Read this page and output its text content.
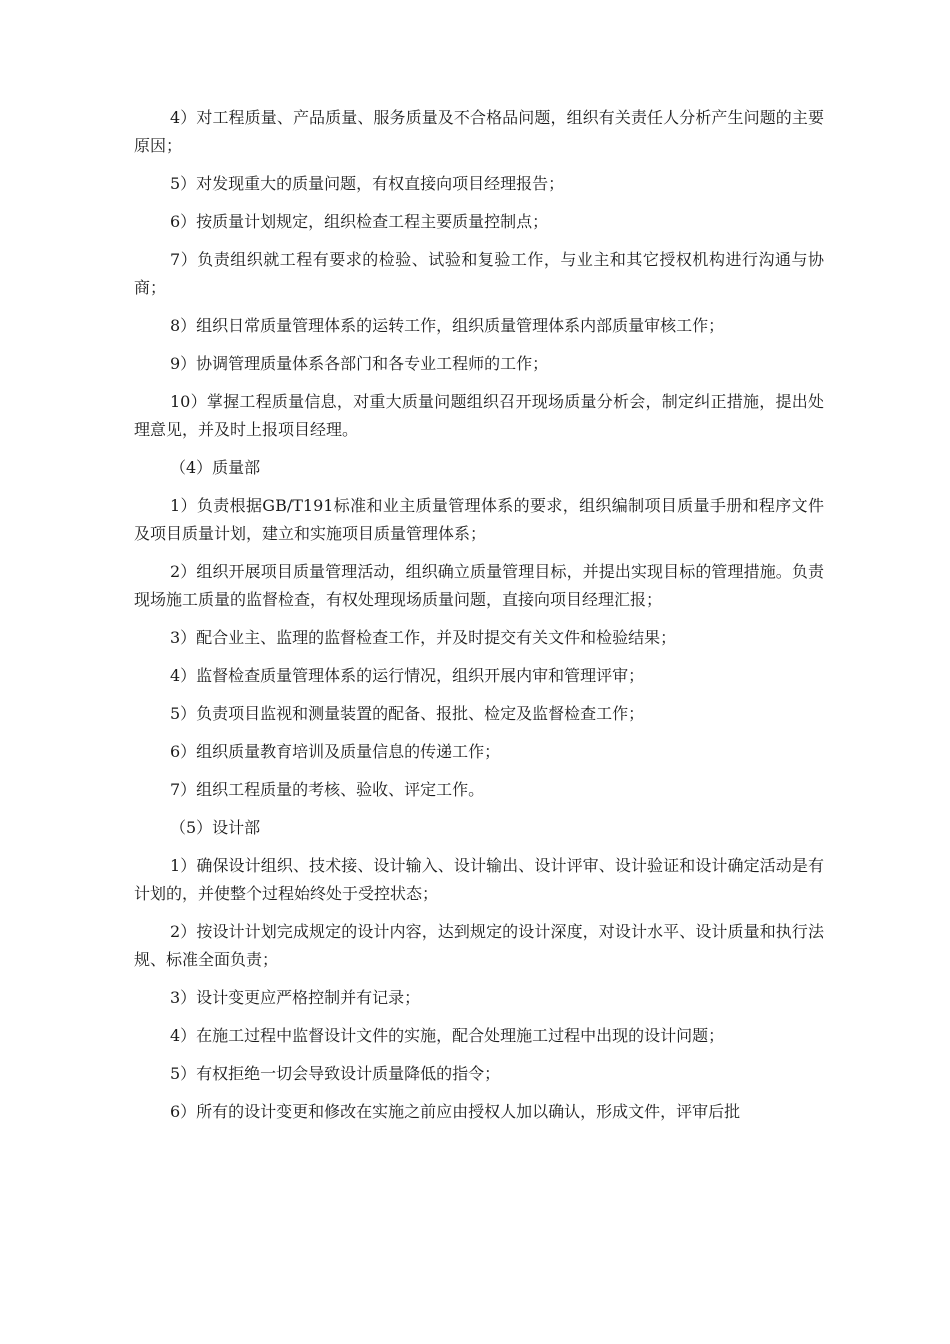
4）对工程质量、产品质量、服务质量及不合格品问题，组织有关责任人分析产生问题的主要原因；

5）对发现重大的质量问题，有权直接向项目经理报告；

6）按质量计划规定，组织检查工程主要质量控制点；

7）负责组织就工程有要求的检验、试验和复验工作，与业主和其它授权机构进行沟通与协商；

8）组织日常质量管理体系的运转工作，组织质量管理体系内部质量审核工作；

9）协调管理质量体系各部门和各专业工程师的工作；

10）掌握工程质量信息，对重大质量问题组织召开现场质量分析会，制定纠正措施，提出处理意见，并及时上报项目经理。

（4）质量部

1）负责根据GB/T191标准和业主质量管理体系的要求，组织编制项目质量手册和程序文件及项目质量计划，建立和实施项目质量管理体系；

2）组织开展项目质量管理活动，组织确立质量管理目标，并提出实现目标的管理措施。负责现场施工质量的监督检查，有权处理现场质量问题，直接向项目经理汇报；

3）配合业主、监理的监督检查工作，并及时提交有关文件和检验结果；

4）监督检查质量管理体系的运行情况，组织开展内审和管理评审；

5）负责项目监视和测量装置的配备、报批、检定及监督检查工作；

6）组织质量教育培训及质量信息的传递工作；

7）组织工程质量的考核、验收、评定工作。

（5）设计部

1）确保设计组织、技术接、设计输入、设计输出、设计评审、设计验证和设计确定活动是有计划的，并使整个过程始终处于受控状态；

2）按设计计划完成规定的设计内容，达到规定的设计深度，对设计水平、设计质量和执行法规、标准全面负责；

3）设计变更应严格控制并有记录；

4）在施工过程中监督设计文件的实施，配合处理施工过程中出现的设计问题；

5）有权拒绝一切会导致设计质量降低的指令；

6）所有的设计变更和修改在实施之前应由授权人加以确认，形成文件，评审后批
